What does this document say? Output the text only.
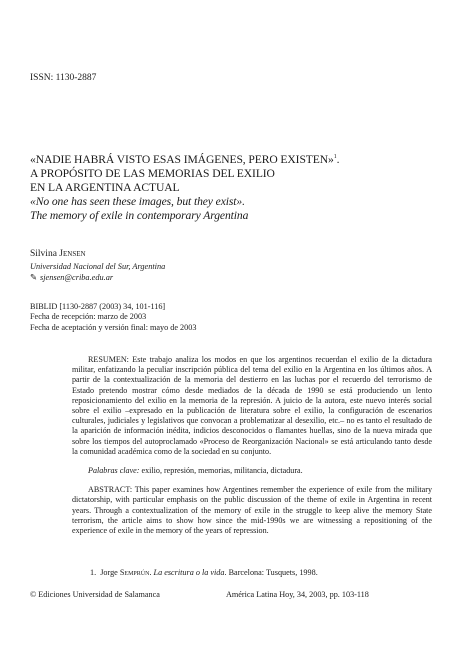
ISSN: 1130-2887
«NADIE HABRÁ VISTO ESAS IMÁGENES, PERO EXISTEN»$^1$.
A PROPÓSITO DE LAS MEMORIAS DEL EXILIO
EN LA ARGENTINA ACTUAL
«No one has seen these images, but they exist».
The memory of exile in contemporary Argentina
Silvina Jensen
Universidad Nacional del Sur, Argentina
✎ sjensen@criba.edu.ar
BIBLID [1130-2887 (2003) 34, 101-116]
Fecha de recepción: marzo de 2003
Fecha de aceptación y versión final: mayo de 2003

RESUMEN: Este trabajo analiza los modos en que los argentinos recuerdan el exilio de la dictadura militar, enfatizando la peculiar inscripción pública del tema del exilio en la Argentina en los últimos años. A partir de la contextualización de la memoria del destierro en las luchas por el recuerdo del terrorismo de Estado pretendo mostrar cómo desde mediados de la década de 1990 se está produciendo un lento reposicionamiento del exilio en la memoria de la represión. A juicio de la autora, este nuevo interés social sobre el exilio –expresado en la publicación de literatura sobre el exilio, la configuración de escenarios culturales, judiciales y legislativos que convocan a problematizar al desexilio, etc.– no es tanto el resultado de la aparición de información inédita, indicios desconocidos o flamantes huellas, sino de la nueva mirada que sobre los tiempos del autoproclamado «Proceso de Reorganización Nacional» se está articulando tanto desde la comunidad académica como de la sociedad en su conjunto.

Palabras clave: exilio, represión, memorias, militancia, dictadura.

ABSTRACT: This paper examines how Argentines remember the experience of exile from the military dictatorship, with particular emphasis on the public discussion of the theme of exile in Argentina in recent years. Through a contextualization of the memory of exile in the struggle to keep alive the memory State terrorism, the article aims to show how since the mid-1990s we are witnessing a repositioning of the experience of exile in the memory of the years of repression.

1. Jorge Semprún. La escritura o la vida. Barcelona: Tusquets, 1998.
© Ediciones Universidad de Salamanca	América Latina Hoy, 34, 2003, pp. 103-118
